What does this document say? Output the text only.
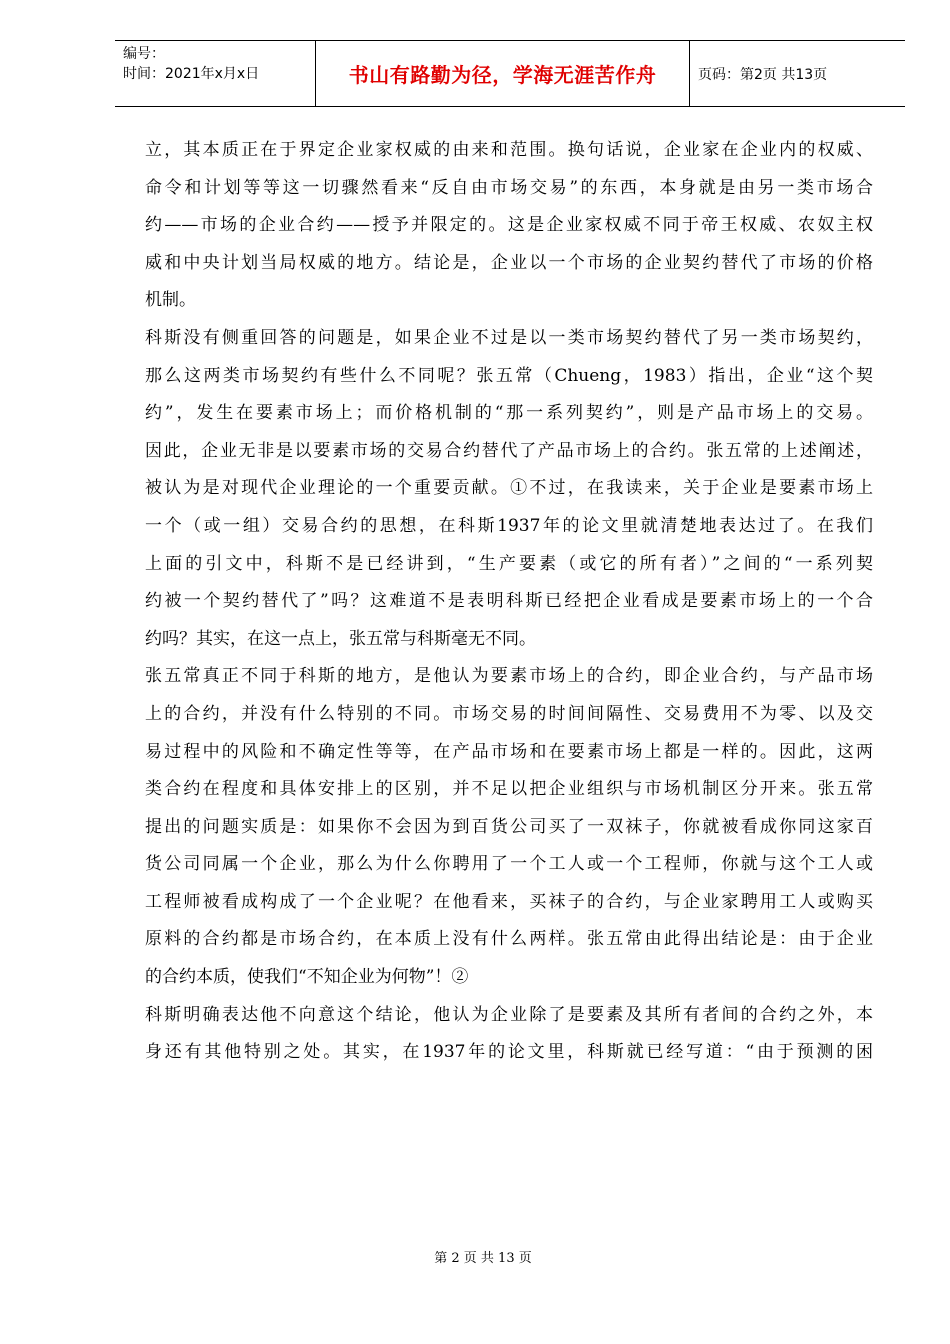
编号：
时间：2021年x月x日	书山有路勤为径，学海无涯苦作舟	页码：第2页 共13页
立，其本质正在于界定企业家权威的由来和范围。换句话说，企业家在企业内的权威、
命令和计划等等这一切骤然看来“反自由市场交易”的东西，本身就是由另一类市场合
约——市场的企业合约——授予并限定的。这是企业家权威不同于帝王权威、农奴主权
威和中央计划当局权威的地方。结论是，企业以一个市场的企业契约替代了市场的价格
机制。
科斯没有侧重回答的问题是，如果企业不过是以一类市场契约替代了另一类市场契约，
那么这两类市场契约有些什么不同呢？张五常（Chueng，1983）指出，企业“这个契
约”，发生在要素市场上；而价格机制的“那一系列契约”，则是产品市场上的交易。
因此，企业无非是以要素市场的交易合约替代了产品市场上的合约。张五常的上述阐述，
被认为是对现代企业理论的一个重要贡献。①不过，在我读来，关于企业是要素市场上
一个（或一组）交易合约的思想，在科斯1937年的论文里就清楚地表达过了。在我们
上面的引文中，科斯不是已经讲到，“生产要素（或它的所有者）”之间的“一系列契
约被一个契约替代了”吗？这难道不是表明科斯已经把企业看成是要素市场上的一个合
约吗？其实，在这一点上，张五常与科斯毫无不同。
张五常真正不同于科斯的地方，是他认为要素市场上的合约，即企业合约，与产品市场
上的合约，并没有什么特别的不同。市场交易的时间间隔性、交易费用不为零、以及交
易过程中的风险和不确定性等等，在产品市场和在要素市场上都是一样的。因此，这两
类合约在程度和具体安排上的区别，并不足以把企业组织与市场机制区分开来。张五常
提出的问题实质是：如果你不会因为到百货公司买了一双袜子，你就被看成你同这家百
货公司同属一个企业，那么为什么你聘用了一个工人或一个工程师，你就与这个工人或
工程师被看成构成了一个企业呢？在他看来，买袜子的合约，与企业家聘用工人或购买
原料的合约都是市场合约，在本质上没有什么两样。张五常由此得出结论是：由于企业
的合约本质，使我们“不知企业为何物”！②
科斯明确表达他不向意这个结论，他认为企业除了是要素及其所有者间的合约之外，本
身还有其他特别之处。其实，在1937年的论文里，科斯就已经写道：“由于预测的困
第 2 页 共 13 页
